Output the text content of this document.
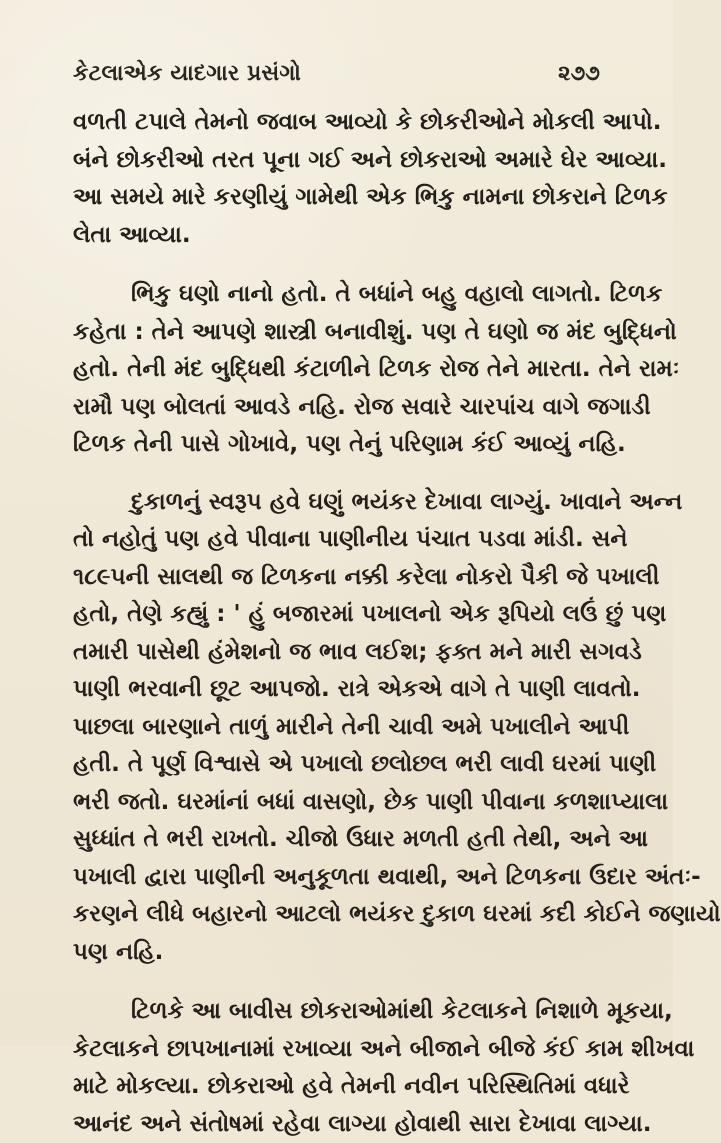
કેટલાએક યાદગાર પ્રસંગો	૨૭૭

વળતી ટપાલે તેમનો જવાબ આવ્યો કે છોકરીઓને મોકલી આપો.
બંને છોકરીઓ તરત પૂના ગઈ અને છોકરાઓ અમારે ઘેર આવ્યા.
આ સમયે મારે કરણીયું ગામેથી એક ભિકુ નામના છોકરાને ટિળક
લેતા આવ્યા.

ભિકુ ઘણો નાનો હતો. તે બધાંને બહુ વહાલો લાગતો. ટિળક
કહેતા : તેને આપણે શાસ્ત્રી બનાવીશું. પણ તે ઘણો જ મંદ બુદ્ધિનો
હતો. તેની મંદ બુદ્ધિથી કંટાળીને ટિળક રોજ તેને મારતા. તેને રામઃ
રામૌ પણ બોલતાં આવડે નહિ. રોજ સવારે ચારપાંચ વાગે જગાડી
ટિળક તેની પાસે ગોખાવે, પણ તેનું પરિણામ કંઈ આવ્યું નહિ.

દુકાળનું સ્વરૂપ હવે ઘણું ભયંકર દેખાવા લાગ્યું. ખાવાને અન્ન
તો નહોતું પણ હવે પીવાના પાણીનીય પંચાત પડવા માંડી. સને
૧૮૯૫ની સાલથી જ ટિળકના નક્કી કરેલા નોકરો પૈકી જે પખાલી
હતો, તેણે કહ્યું : ' હું બજારમાં પખાલનો એક રૂપિયો લઉં છું પણ
તમારી પાસેથી હંમેશનો જ ભાવ લઈશ; ફક્ત મને મારી સગવડે
પાણી ભરવાની છૂટ આપજો. રાત્રે એકએ વાગે તે પાણી લાવતો.
પાછલા બારણાને તાળું મારીને તેની ચાવી અમે પખાલીને આપી
હતી. તે પૂર્ણ વિશ્વાસે એ પખાલો છલોછલ ભરી લાવી ઘરમાં પાણી
ભરી જતો. ઘરમાંનાં બધાં વાસણો, છેક પાણી પીવાના કળશાપ્યાલા
સુધ્ધાંત તે ભરી રાખતો. ચીજો ઉધાર મળતી હતી તેથી, અને આ
પખાલી દ્વારા પાણીની અનુકૂળતા થવાથી, અને ટિળકના ઉદાર અંતઃ-
કરણને લીધે બહારનો આટલો ભયંકર દુકાળ ઘરમાં કદી કોઈને જણાયો
પણ નહિ.

ટિળકે આ બાવીસ છોકરાઓમાંથી કેટલાકને નિશાળે મૂકયા,
કેટલાકને છાપખાનામાં રખાવ્યા અને બીજાને બીજે કંઈ કામ શીખવા
માટે મોકલ્યા. છોકરાઓ હવે તેમની નવીન પરિસ્થિતિમાં વધારે
આનંદ અને સંતોષમાં રહેવા લાગ્યા હોવાથી સારા દેખાવા લાગ્યા.
